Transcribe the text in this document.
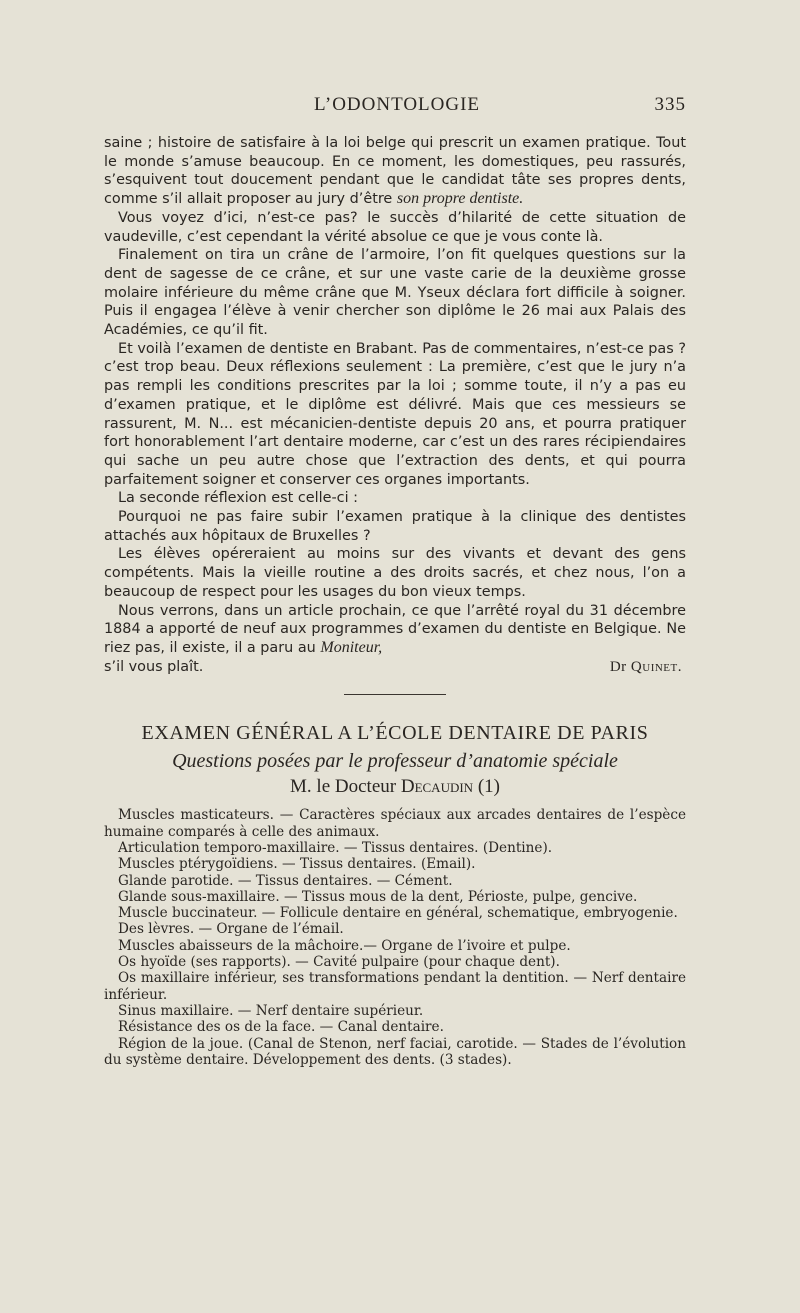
L’ODONTOLOGIE	335

saine ; histoire de satisfaire à la loi belge qui prescrit un examen pratique. Tout le monde s’amuse beaucoup. En ce moment, les domestiques, peu rassurés, s’esquivent tout doucement pendant que le candidat tâte ses propres dents, comme s’il allait proposer au jury d’être son propre dentiste.

Vous voyez d’ici, n’est-ce pas? le succès d’hilarité de cette situation de vaudeville, c’est cependant la vérité absolue ce que je vous conte là.

Finalement on tira un crâne de l’armoire, l’on fit quelques questions sur la dent de sagesse de ce crâne, et sur une vaste carie de la deuxième grosse molaire inférieure du même crâne que M. Yseux déclara fort difficile à soigner. Puis il engagea l’élève à venir chercher son diplôme le 26 mai aux Palais des Académies, ce qu’il fit.

Et voilà l’examen de dentiste en Brabant. Pas de commentaires, n’est-ce pas ? c’est trop beau. Deux réflexions seulement : La première, c’est que le jury n’a pas rempli les conditions prescrites par la loi ; somme toute, il n’y a pas eu d’examen pratique, et le diplôme est délivré. Mais que ces messieurs se rassurent, M. N... est mécanicien-dentiste depuis 20 ans, et pourra pratiquer fort honorablement l’art dentaire moderne, car c’est un des rares récipiendaires qui sache un peu autre chose que l’extraction des dents, et qui pourra parfaitement soigner et conserver ces organes importants.

La seconde réflexion est celle-ci :

Pourquoi ne pas faire subir l’examen pratique à la clinique des dentistes attachés aux hôpitaux de Bruxelles ?

Les élèves opéreraient au moins sur des vivants et devant des gens compétents. Mais la vieille routine a des droits sacrés, et chez nous, l’on a beaucoup de respect pour les usages du bon vieux temps.

Nous verrons, dans un article prochain, ce que l’arrêté royal du 31 décembre 1884 a apporté de neuf aux programmes d’examen du dentiste en Belgique. Ne riez pas, il existe, il a paru au Moniteur,

s’il vous plaît.	Dr Quinet.
EXAMEN GÉNÉRAL A L’ÉCOLE DENTAIRE DE PARIS
Questions posées par le professeur d’anatomie spéciale
M. le Docteur Decaudin (1)

Muscles masticateurs. — Caractères spéciaux aux arcades dentaires de l’espèce humaine comparés à celle des animaux.

Articulation temporo-maxillaire. — Tissus dentaires. (Dentine).

Muscles ptérygoïdiens. — Tissus dentaires. (Email).

Glande parotide. — Tissus dentaires. — Cément.

Glande sous-maxillaire. — Tissus mous de la dent, Périoste, pulpe, gencive.

Muscle buccinateur. — Follicule dentaire en général, schematique, embryogenie.

Des lèvres. — Organe de l’émail.

Muscles abaisseurs de la mâchoire.— Organe de l’ivoire et pulpe.

Os hyoïde (ses rapports). — Cavité pulpaire (pour chaque dent).

Os maxillaire inférieur, ses transformations pendant la dentition. — Nerf dentaire inférieur.

Sinus maxillaire. — Nerf dentaire supérieur.

Résistance des os de la face. — Canal dentaire.

Région de la joue. (Canal de Stenon, nerf faciai, carotide. — Stades de l’évolution du système dentaire. Développement des dents. (3 stades).
